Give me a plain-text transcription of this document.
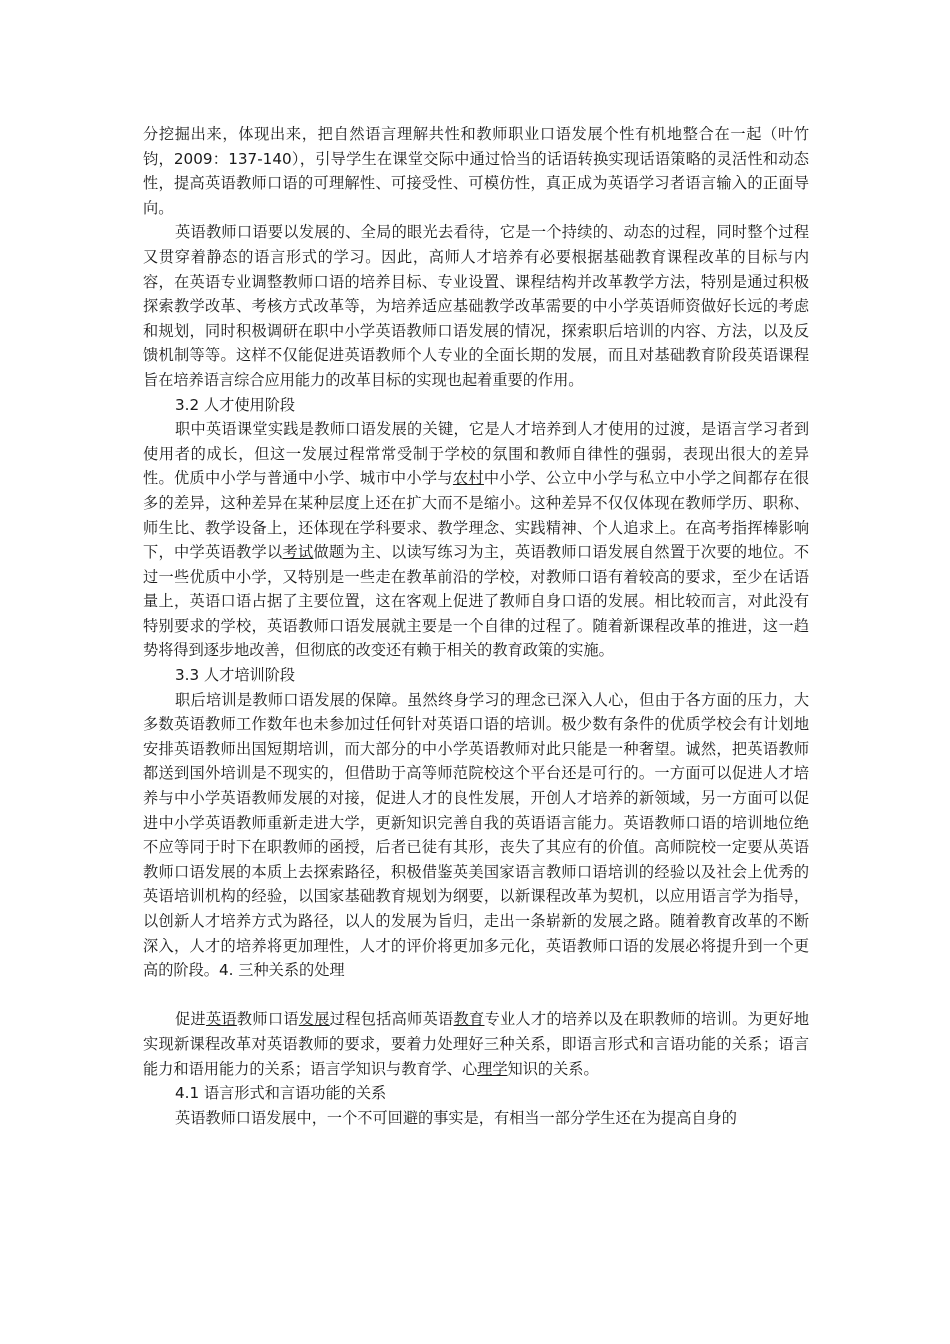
分挖掘出来，体现出来，把自然语言理解共性和教师职业口语发展个性有机地整合在一起（叶竹钧，2009：137-140），引导学生在课堂交际中通过恰当的话语转换实现话语策略的灵活性和动态性，提高英语教师口语的可理解性、可接受性、可模仿性，真正成为英语学习者语言输入的正面导向。

英语教师口语要以发展的、全局的眼光去看待，它是一个持续的、动态的过程，同时整个过程又贯穿着静态的语言形式的学习。因此，高师人才培养有必要根据基础教育课程改革的目标与内容，在英语专业调整教师口语的培养目标、专业设置、课程结构并改革教学方法，特别是通过积极探索教学改革、考核方式改革等，为培养适应基础教学改革需要的中小学英语师资做好长远的考虑和规划，同时积极调研在职中小学英语教师口语发展的情况，探索职后培训的内容、方法，以及反馈机制等等。这样不仅能促进英语教师个人专业的全面长期的发展，而且对基础教育阶段英语课程旨在培养语言综合应用能力的改革目标的实现也起着重要的作用。

3.2 人才使用阶段

职中英语课堂实践是教师口语发展的关键，它是人才培养到人才使用的过渡，是语言学习者到使用者的成长，但这一发展过程常常受制于学校的氛围和教师自律性的强弱，表现出很大的差异性。优质中小学与普通中小学、城市中小学与农村中小学、公立中小学与私立中小学之间都存在很多的差异，这种差异在某种层度上还在扩大而不是缩小。这种差异不仅仅体现在教师学历、职称、师生比、教学设备上，还体现在学科要求、教学理念、实践精神、个人追求上。在高考指挥棒影响下，中学英语教学以考试做题为主、以读写练习为主，英语教师口语发展自然置于次要的地位。不过一些优质中小学，又特别是一些走在教革前沿的学校，对教师口语有着较高的要求，至少在话语量上，英语口语占据了主要位置，这在客观上促进了教师自身口语的发展。相比较而言，对此没有特别要求的学校，英语教师口语发展就主要是一个自律的过程了。随着新课程改革的推进，这一趋势将得到逐步地改善，但彻底的改变还有赖于相关的教育政策的实施。

3.3 人才培训阶段

职后培训是教师口语发展的保障。虽然终身学习的理念已深入人心，但由于各方面的压力，大多数英语教师工作数年也未参加过任何针对英语口语的培训。极少数有条件的优质学校会有计划地安排英语教师出国短期培训，而大部分的中小学英语教师对此只能是一种奢望。诚然，把英语教师都送到国外培训是不现实的，但借助于高等师范院校这个平台还是可行的。一方面可以促进人才培养与中小学英语教师发展的对接，促进人才的良性发展，开创人才培养的新领域，另一方面可以促进中小学英语教师重新走进大学，更新知识完善自我的英语语言能力。英语教师口语的培训地位绝不应等同于时下在职教师的函授，后者已徒有其形，丧失了其应有的价值。高师院校一定要从英语教师口语发展的本质上去探索路径，积极借鉴英美国家语言教师口语培训的经验以及社会上优秀的英语培训机构的经验，以国家基础教育规划为纲要，以新课程改革为契机，以应用语言学为指导，以创新人才培养方式为路径，以人的发展为旨归，走出一条崭新的发展之路。随着教育改革的不断深入，人才的培养将更加理性，人才的评价将更加多元化，英语教师口语的发展必将提升到一个更高的阶段。4. 三种关系的处理

促进英语教师口语发展过程包括高师英语教育专业人才的培养以及在职教师的培训。为更好地实现新课程改革对英语教师的要求，要着力处理好三种关系，即语言形式和言语功能的关系；语言能力和语用能力的关系；语言学知识与教育学、心理学知识的关系。

4.1 语言形式和言语功能的关系

英语教师口语发展中，一个不可回避的事实是，有相当一部分学生还在为提高自身的
